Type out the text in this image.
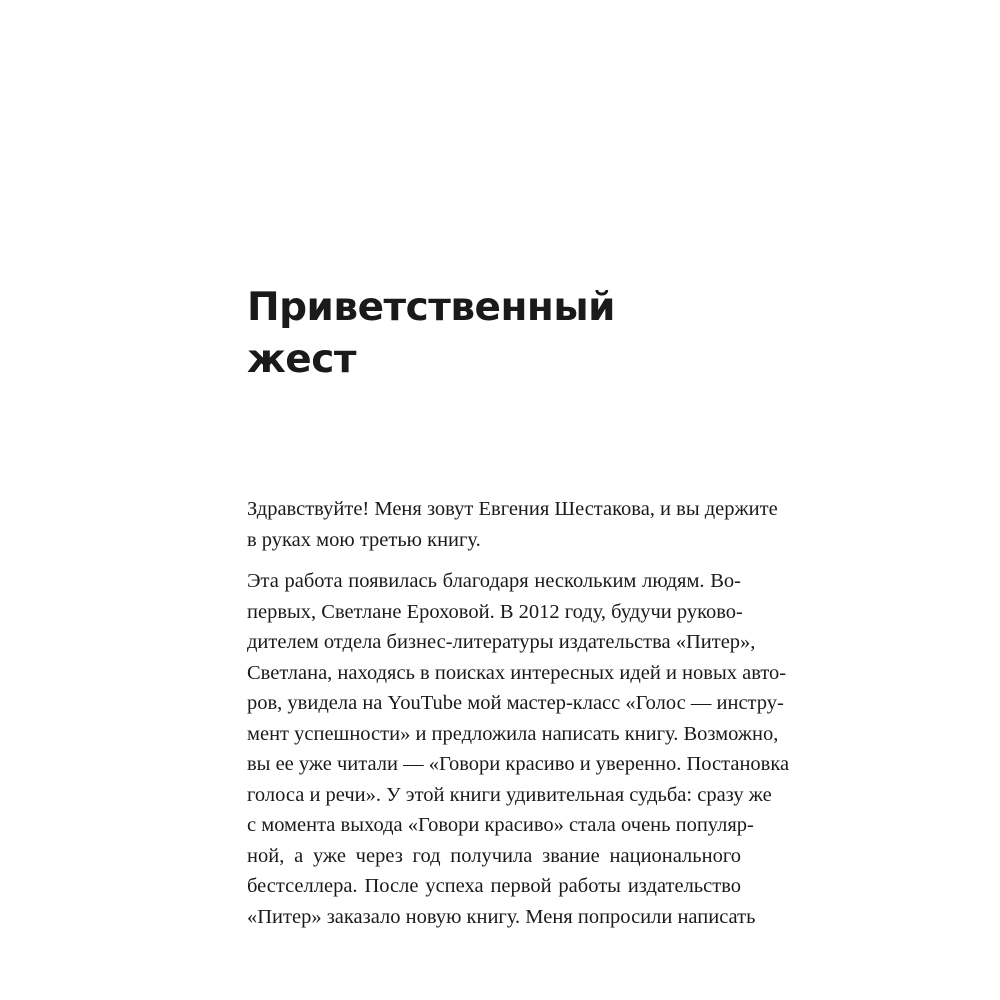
Приветственный
жест

Здравствуйте! Меня зовут Евгения Шестакова, и вы держите
в руках мою третью книгу.

Эта работа появилась благодаря нескольким людям. Во-
первых, Светлане Ероховой. В 2012 году, будучи руково-
дителем отдела бизнес-литературы издательства «Питер»,
Светлана, находясь в поисках интересных идей и новых авто-
ров, увидела на YouTube мой мастер-класс «Голос — инстру-
мент успешности» и предложила написать книгу. Возможно,
вы ее уже читали — «Говори красиво и уверенно. Постановка
голоса и речи». У этой книги удивительная судьба: сразу же
с момента выхода «Говори красиво» стала очень популяр-
ной, а уже через год получила звание национального
бестселлера. После успеха первой работы издательство
«Питер» заказало новую книгу. Меня попросили написать
